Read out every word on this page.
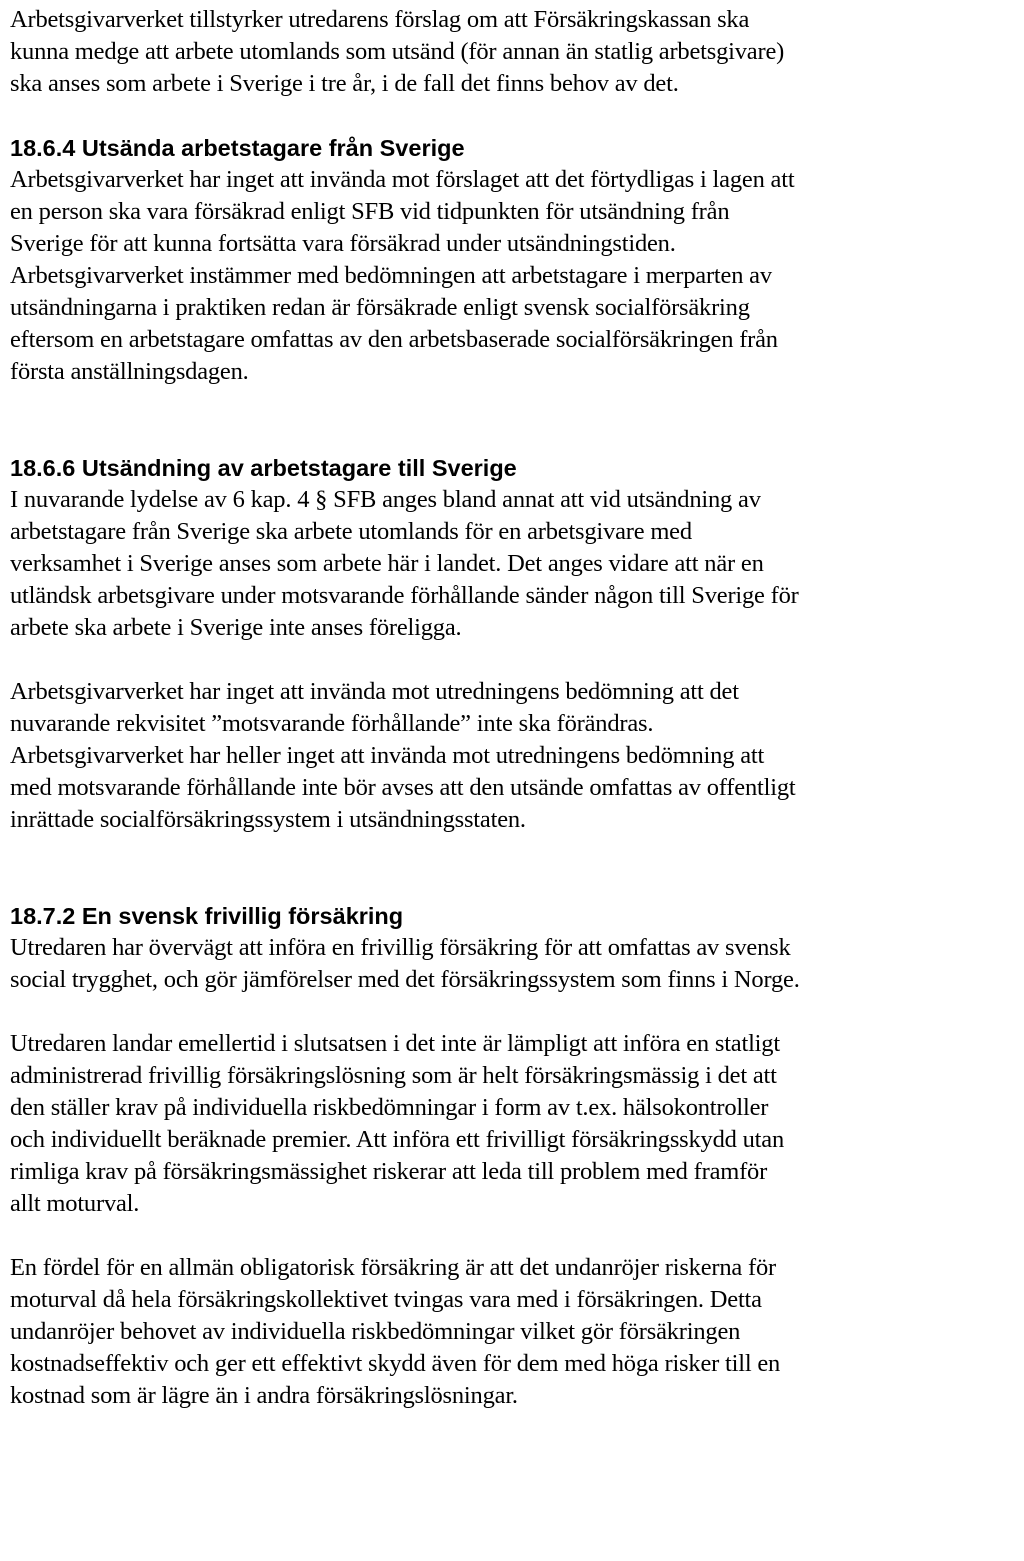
Arbetsgivarverket tillstyrker utredarens förslag om att Försäkringskassan ska
kunna medge att arbete utomlands som utsänd (för annan än statlig arbetsgivare)
ska anses som arbete i Sverige i tre år, i de fall det finns behov av det.
18.6.4 Utsända arbetstagare från Sverige
Arbetsgivarverket har inget att invända mot förslaget att det förtydligas i lagen att
en person ska vara försäkrad enligt SFB vid tidpunkten för utsändning från
Sverige för att kunna fortsätta vara försäkrad under utsändningstiden.
Arbetsgivarverket instämmer med bedömningen att arbetstagare i merparten av
utsändningarna i praktiken redan är försäkrade enligt svensk socialförsäkring
eftersom en arbetstagare omfattas av den arbetsbaserade socialförsäkringen från
första anställningsdagen.
18.6.6 Utsändning av arbetstagare till Sverige
I nuvarande lydelse av 6 kap. 4 § SFB anges bland annat att vid utsändning av
arbetstagare från Sverige ska arbete utomlands för en arbetsgivare med
verksamhet i Sverige anses som arbete här i landet. Det anges vidare att när en
utländsk arbetsgivare under motsvarande förhållande sänder någon till Sverige för
arbete ska arbete i Sverige inte anses föreligga.
Arbetsgivarverket har inget att invända mot utredningens bedömning att det
nuvarande rekvisitet ”motsvarande förhållande” inte ska förändras.
Arbetsgivarverket har heller inget att invända mot utredningens bedömning att
med motsvarande förhållande inte bör avses att den utsände omfattas av offentligt
inrättade socialförsäkringssystem i utsändningsstaten.
18.7.2 En svensk frivillig försäkring
Utredaren har övervägt att införa en frivillig försäkring för att omfattas av svensk
social trygghet, och gör jämförelser med det försäkringssystem som finns i Norge.
Utredaren landar emellertid i slutsatsen i det inte är lämpligt att införa en statligt
administrerad frivillig försäkringslösning som är helt försäkringsmässig i det att
den ställer krav på individuella riskbedömningar i form av t.ex. hälsokontroller
och individuellt beräknade premier. Att införa ett frivilligt försäkringsskydd utan
rimliga krav på försäkringsmässighet riskerar att leda till problem med framför
allt moturval.
En fördel för en allmän obligatorisk försäkring är att det undanröjer riskerna för
moturval då hela försäkringskollektivet tvingas vara med i försäkringen. Detta
undanröjer behovet av individuella riskbedömningar vilket gör försäkringen
kostnadseffektiv och ger ett effektivt skydd även för dem med höga risker till en
kostnad som är lägre än i andra försäkringslösningar.
